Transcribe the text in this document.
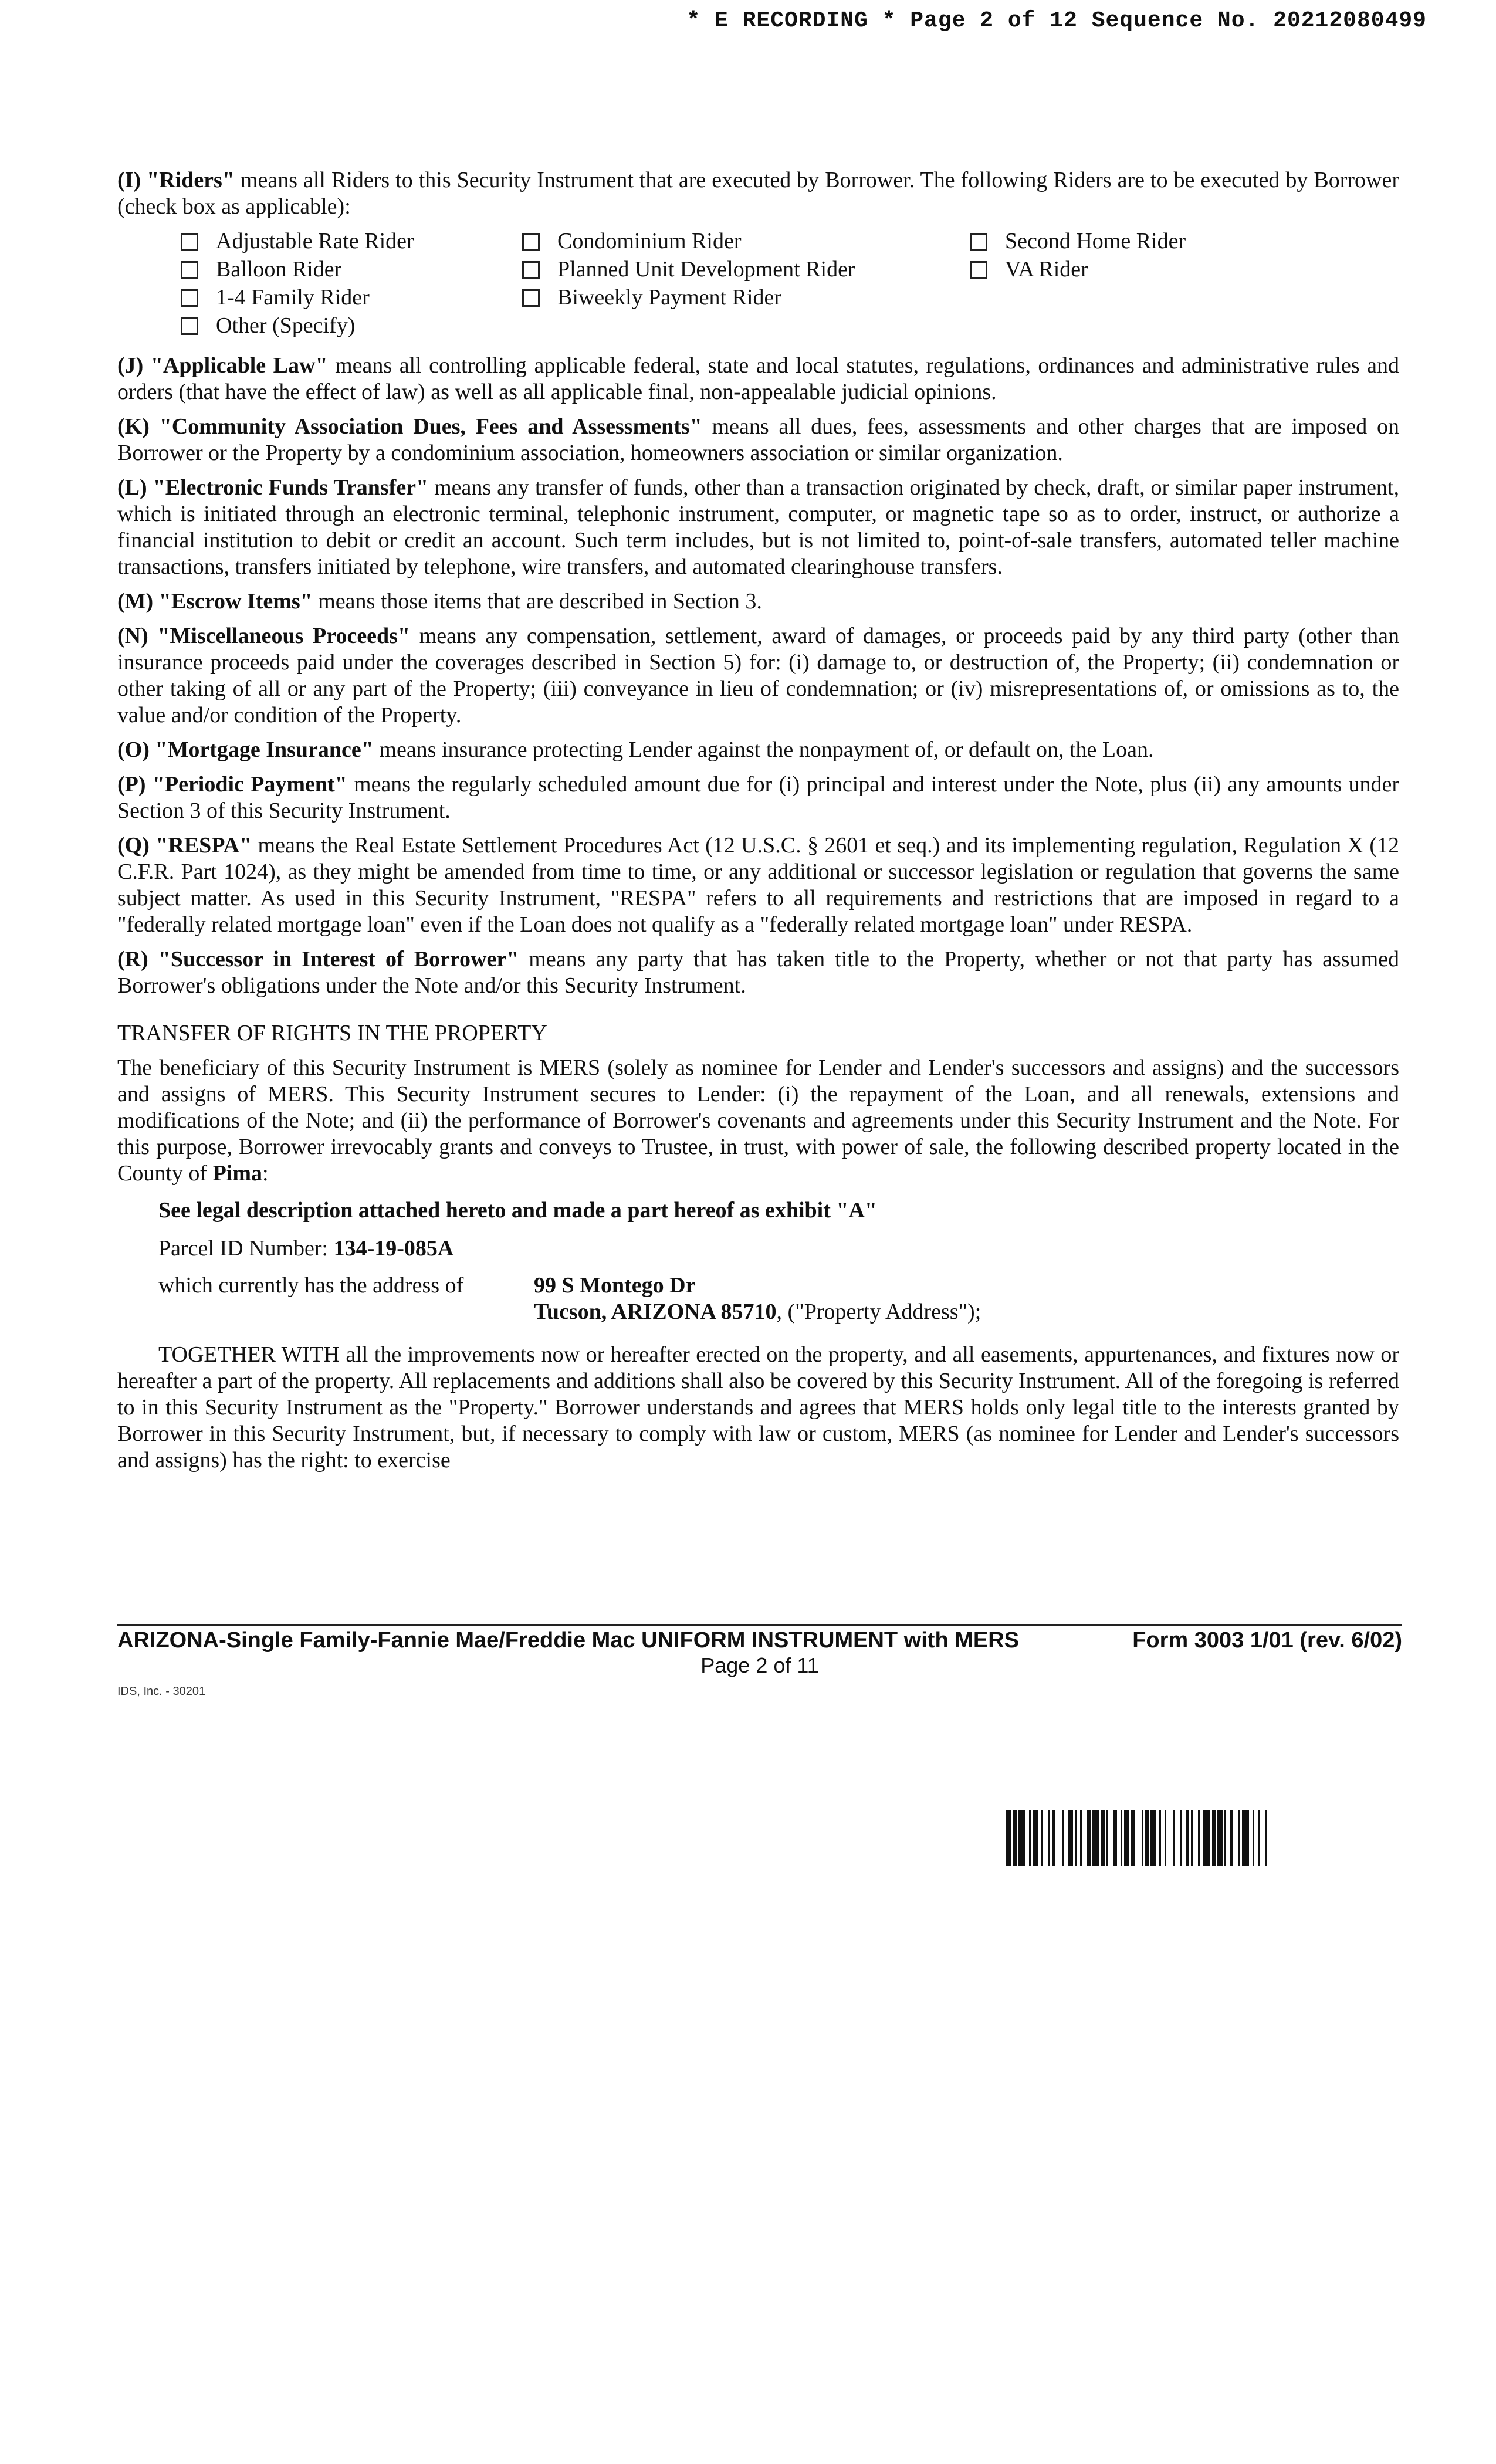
* E RECORDING * Page 2 of 12 Sequence No. 20212080499

(I) "Riders" means all Riders to this Security Instrument that are executed by Borrower. The following Riders are to be executed by Borrower (check box as applicable):

Adjustable Rate Rider
Balloon Rider
1-4 Family Rider
Other (Specify)
Condominium Rider
Planned Unit Development Rider
Biweekly Payment Rider
Second Home Rider
VA Rider

(J) "Applicable Law" means all controlling applicable federal, state and local statutes, regulations, ordinances and administrative rules and orders (that have the effect of law) as well as all applicable final, non-appealable judicial opinions.

(K) "Community Association Dues, Fees and Assessments" means all dues, fees, assessments and other charges that are imposed on Borrower or the Property by a condominium association, homeowners association or similar organization.

(L) "Electronic Funds Transfer" means any transfer of funds, other than a transaction originated by check, draft, or similar paper instrument, which is initiated through an electronic terminal, telephonic instrument, computer, or magnetic tape so as to order, instruct, or authorize a financial institution to debit or credit an account. Such term includes, but is not limited to, point-of-sale transfers, automated teller machine transactions, transfers initiated by telephone, wire transfers, and automated clearinghouse transfers.

(M) "Escrow Items" means those items that are described in Section 3.

(N) "Miscellaneous Proceeds" means any compensation, settlement, award of damages, or proceeds paid by any third party (other than insurance proceeds paid under the coverages described in Section 5) for: (i) damage to, or destruction of, the Property; (ii) condemnation or other taking of all or any part of the Property; (iii) conveyance in lieu of condemnation; or (iv) misrepresentations of, or omissions as to, the value and/or condition of the Property.

(O) "Mortgage Insurance" means insurance protecting Lender against the nonpayment of, or default on, the Loan.

(P) "Periodic Payment" means the regularly scheduled amount due for (i) principal and interest under the Note, plus (ii) any amounts under Section 3 of this Security Instrument.

(Q) "RESPA" means the Real Estate Settlement Procedures Act (12 U.S.C. § 2601 et seq.) and its implementing regulation, Regulation X (12 C.F.R. Part 1024), as they might be amended from time to time, or any additional or successor legislation or regulation that governs the same subject matter. As used in this Security Instrument, "RESPA" refers to all requirements and restrictions that are imposed in regard to a "federally related mortgage loan" even if the Loan does not qualify as a "federally related mortgage loan" under RESPA.

(R) "Successor in Interest of Borrower" means any party that has taken title to the Property, whether or not that party has assumed Borrower's obligations under the Note and/or this Security Instrument.

TRANSFER OF RIGHTS IN THE PROPERTY

The beneficiary of this Security Instrument is MERS (solely as nominee for Lender and Lender's successors and assigns) and the successors and assigns of MERS. This Security Instrument secures to Lender: (i) the repayment of the Loan, and all renewals, extensions and modifications of the Note; and (ii) the performance of Borrower's covenants and agreements under this Security Instrument and the Note. For this purpose, Borrower irrevocably grants and conveys to Trustee, in trust, with power of sale, the following described property located in the County of Pima:

See legal description attached hereto and made a part hereof as exhibit "A"
Parcel ID Number: 134-19-085A
which currently has the address of	99 S Montego Dr
Tucson, ARIZONA 85710, ("Property Address");

TOGETHER WITH all the improvements now or hereafter erected on the property, and all easements, appurtenances, and fixtures now or hereafter a part of the property. All replacements and additions shall also be covered by this Security Instrument. All of the foregoing is referred to in this Security Instrument as the "Property." Borrower understands and agrees that MERS holds only legal title to the interests granted by Borrower in this Security Instrument, but, if necessary to comply with law or custom, MERS (as nominee for Lender and Lender's successors and assigns) has the right: to exercise

ARIZONA-Single Family-Fannie Mae/Freddie Mac UNIFORM INSTRUMENT with MERS	Form 3003 1/01 (rev. 6/02)
Page 2 of 11
IDS, Inc. - 30201
